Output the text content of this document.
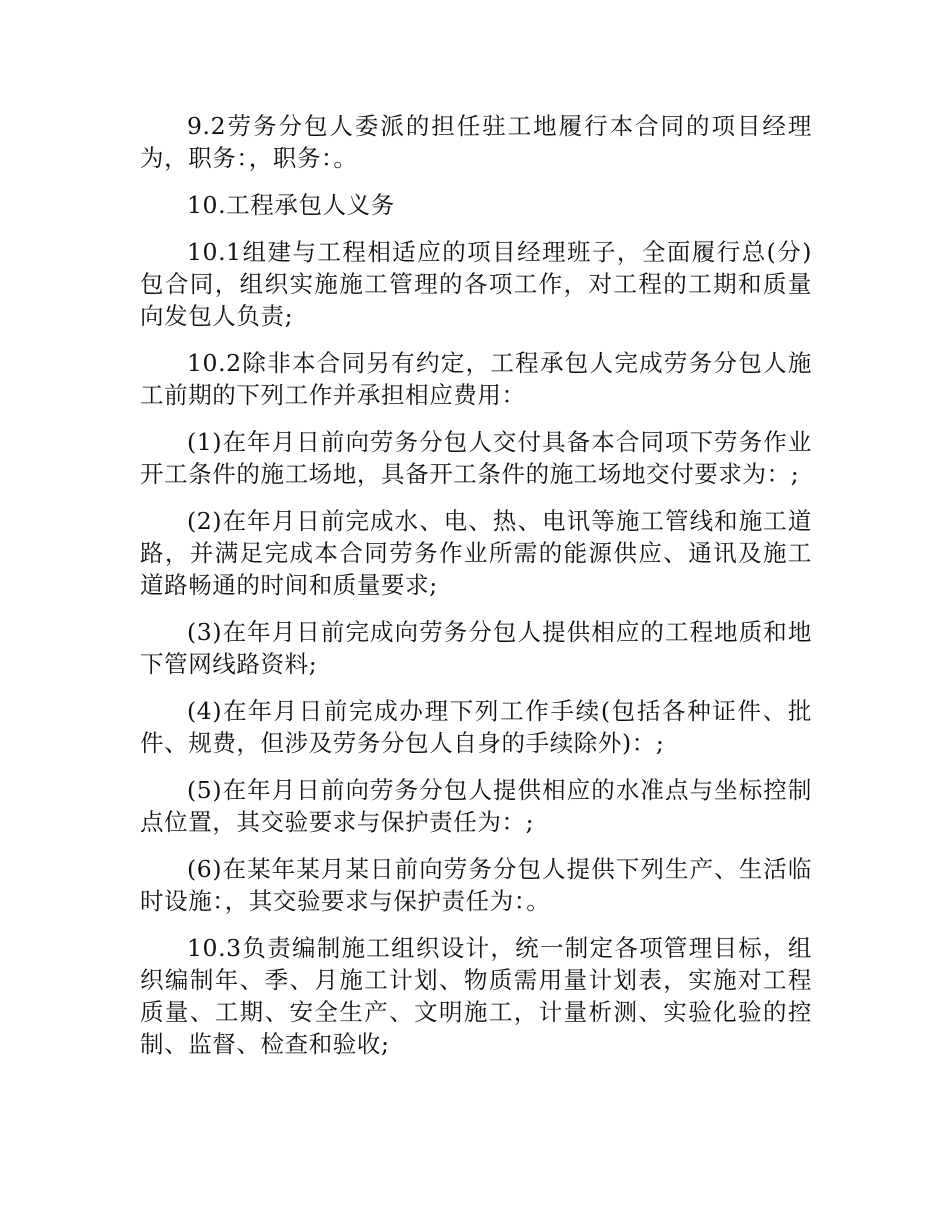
9.2劳务分包人委派的担任驻工地履行本合同的项目经理为，职务：，职务：。

10.工程承包人义务

10.1组建与工程相适应的项目经理班子，全面履行总(分)包合同，组织实施施工管理的各项工作，对工程的工期和质量向发包人负责;

10.2除非本合同另有约定，工程承包人完成劳务分包人施工前期的下列工作并承担相应费用：

(1)在年月日前向劳务分包人交付具备本合同项下劳务作业开工条件的施工场地，具备开工条件的施工场地交付要求为：;

(2)在年月日前完成水、电、热、电讯等施工管线和施工道路，并满足完成本合同劳务作业所需的能源供应、通讯及施工道路畅通的时间和质量要求;

(3)在年月日前完成向劳务分包人提供相应的工程地质和地下管网线路资料;

(4)在年月日前完成办理下列工作手续(包括各种证件、批件、规费，但涉及劳务分包人自身的手续除外)：;

(5)在年月日前向劳务分包人提供相应的水准点与坐标控制点位置，其交验要求与保护责任为：;

(6)在某年某月某日前向劳务分包人提供下列生产、生活临时设施：，其交验要求与保护责任为：。

10.3负责编制施工组织设计，统一制定各项管理目标，组织编制年、季、月施工计划、物质需用量计划表，实施对工程质量、工期、安全生产、文明施工，计量析测、实验化验的控制、监督、检查和验收;
